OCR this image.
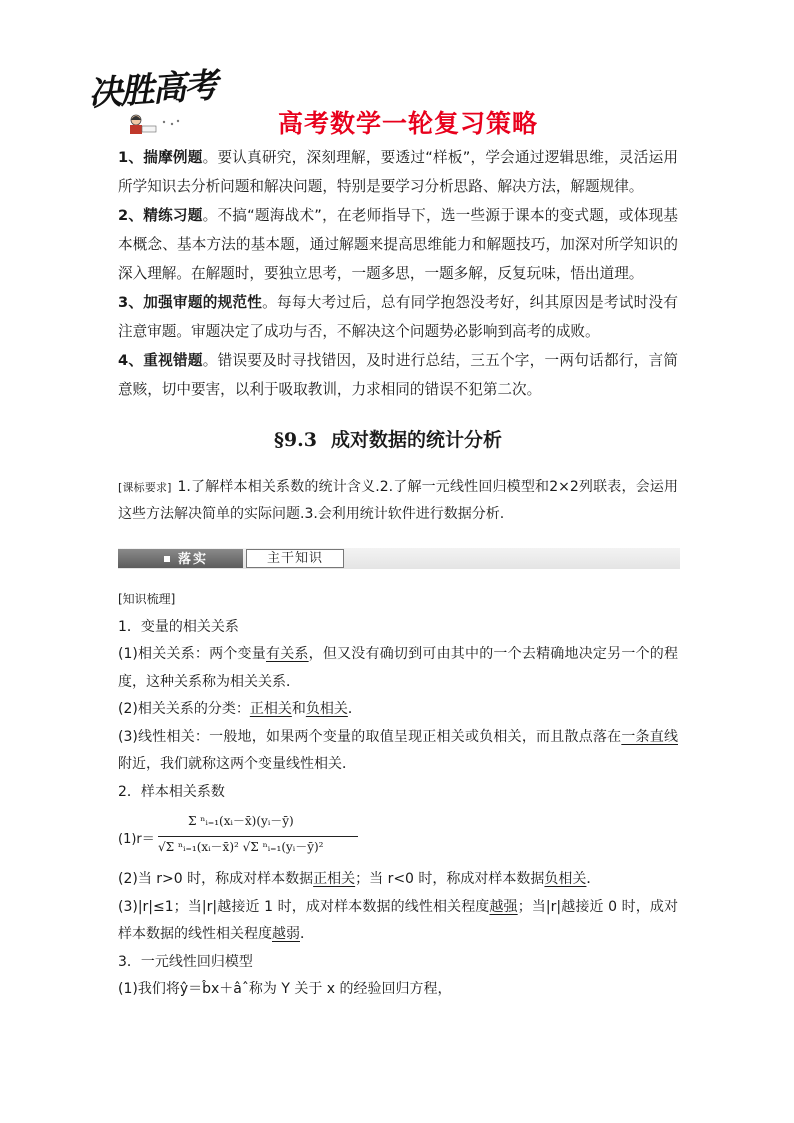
决胜高考
高考数学一轮复习策略

1、揣摩例题。要认真研究，深刻理解，要透过“样板”，学会通过逻辑思维，灵活运用所学知识去分析问题和解决问题，特别是要学习分析思路、解决方法，解题规律。

2、精练习题。不搞“题海战术”，在老师指导下，选一些源于课本的变式题，或体现基本概念、基本方法的基本题，通过解题来提高思维能力和解题技巧，加深对所学知识的深入理解。在解题时，要独立思考，一题多思，一题多解，反复玩味，悟出道理。

3、加强审题的规范性。每每大考过后，总有同学抱怨没考好，纠其原因是考试时没有注意审题。审题决定了成功与否，不解决这个问题势必影响到高考的成败。

4、重视错题。错误要及时寻找错因，及时进行总结，三五个字，一两句话都行，言简意赅，切中要害，以利于吸取教训，力求相同的错误不犯第二次。

§9.3 成对数据的统计分析
[课标要求] 1.了解样本相关系数的统计含义.2.了解一元线性回归模型和2×2列联表，会运用这些方法解决简单的实际问题.3.会利用统计软件进行数据分析.
落实	主干知识

[知识梳理]

1．变量的相关关系

(1)相关关系：两个变量有关系，但又没有确切到可由其中的一个去精确地决定另一个的程度，这种关系称为相关关系．

(2)相关关系的分类：正相关和负相关．

(3)线性相关：一般地，如果两个变量的取值呈现正相关或负相关，而且散点落在一条直线附近，我们就称这两个变量线性相关．

2．样本相关系数

(1)r＝
Σ ⁿᵢ₌₁(xᵢ－x̄)(yᵢ－ȳ)
√Σ ⁿᵢ₌₁(xᵢ－x̄)² √Σ ⁿᵢ₌₁(yᵢ－ȳ)²

(2)当 r>0 时，称成对样本数据正相关；当 r<0 时，称成对样本数据负相关．

(3)|r|≤1；当|r|越接近 1 时，成对样本数据的线性相关程度越强；当|r|越接近 0 时，成对样本数据的线性相关程度越弱．

3．一元线性回归模型

(1)我们将ŷ＝b̂x＋âˆ称为 Y 关于 x 的经验回归方程，
